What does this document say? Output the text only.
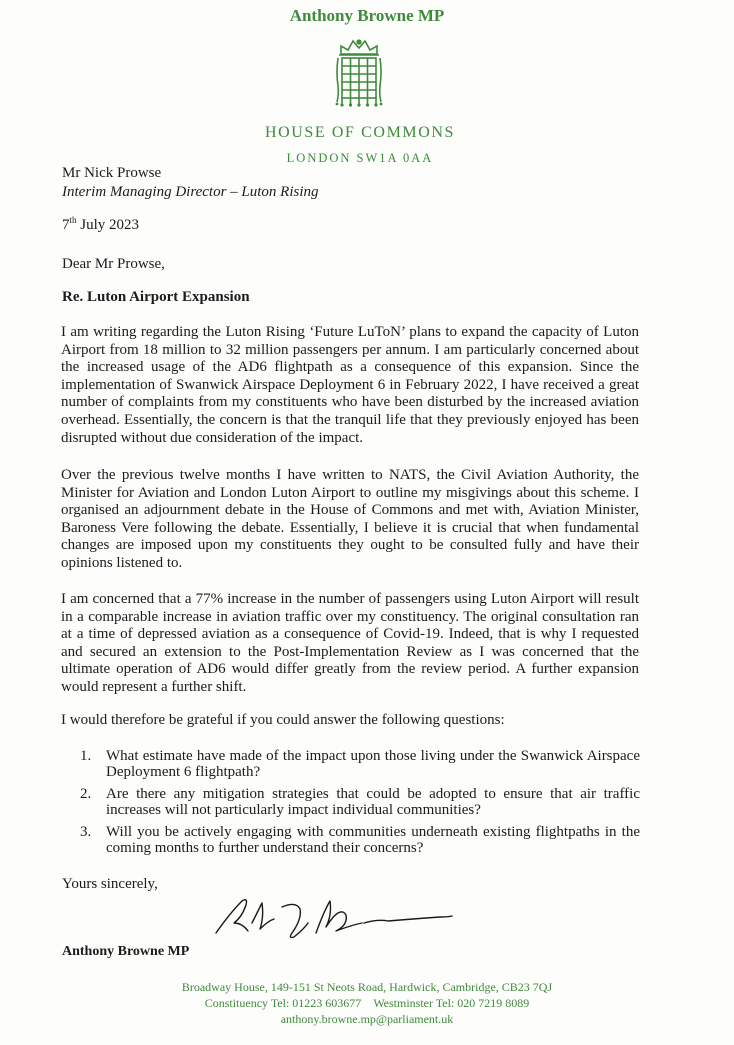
Anthony Browne MP
HOUSE OF COMMONS
LONDON SW1A 0AA
Mr Nick Prowse
Interim Managing Director – Luton Rising
7th July 2023
Dear Mr Prowse,
Re. Luton Airport Expansion

I am writing regarding the Luton Rising ‘Future LuToN’ plans to expand the capacity of Luton Airport from 18 million to 32 million passengers per annum. I am particularly concerned about the increased usage of the AD6 flightpath as a consequence of this expansion. Since the implementation of Swanwick Airspace Deployment 6 in February 2022, I have received a great number of complaints from my constituents who have been disturbed by the increased aviation overhead. Essentially, the concern is that the tranquil life that they previously enjoyed has been disrupted without due consideration of the impact.

Over the previous twelve months I have written to NATS, the Civil Aviation Authority, the Minister for Aviation and London Luton Airport to outline my misgivings about this scheme. I organised an adjournment debate in the House of Commons and met with, Aviation Minister, Baroness Vere following the debate. Essentially, I believe it is crucial that when fundamental changes are imposed upon my constituents they ought to be consulted fully and have their opinions listened to.

I am concerned that a 77% increase in the number of passengers using Luton Airport will result in a comparable increase in aviation traffic over my constituency. The original consultation ran at a time of depressed aviation as a consequence of Covid-19. Indeed, that is why I requested and secured an extension to the Post-Implementation Review as I was concerned that the ultimate operation of AD6 would differ greatly from the review period. A further expansion would represent a further shift.

I would therefore be grateful if you could answer the following questions:
1. What estimate have made of the impact upon those living under the Swanwick Airspace Deployment 6 flightpath?
2. Are there any mitigation strategies that could be adopted to ensure that air traffic increases will not particularly impact individual communities?
3. Will you be actively engaging with communities underneath existing flightpaths in the coming months to further understand their concerns?
Yours sincerely,
Anthony Browne MP
Broadway House, 149-151 St Neots Road, Hardwick, Cambridge, CB23 7QJ
Constituency Tel: 01223 603677 Westminster Tel: 020 7219 8089
anthony.browne.mp@parliament.uk
